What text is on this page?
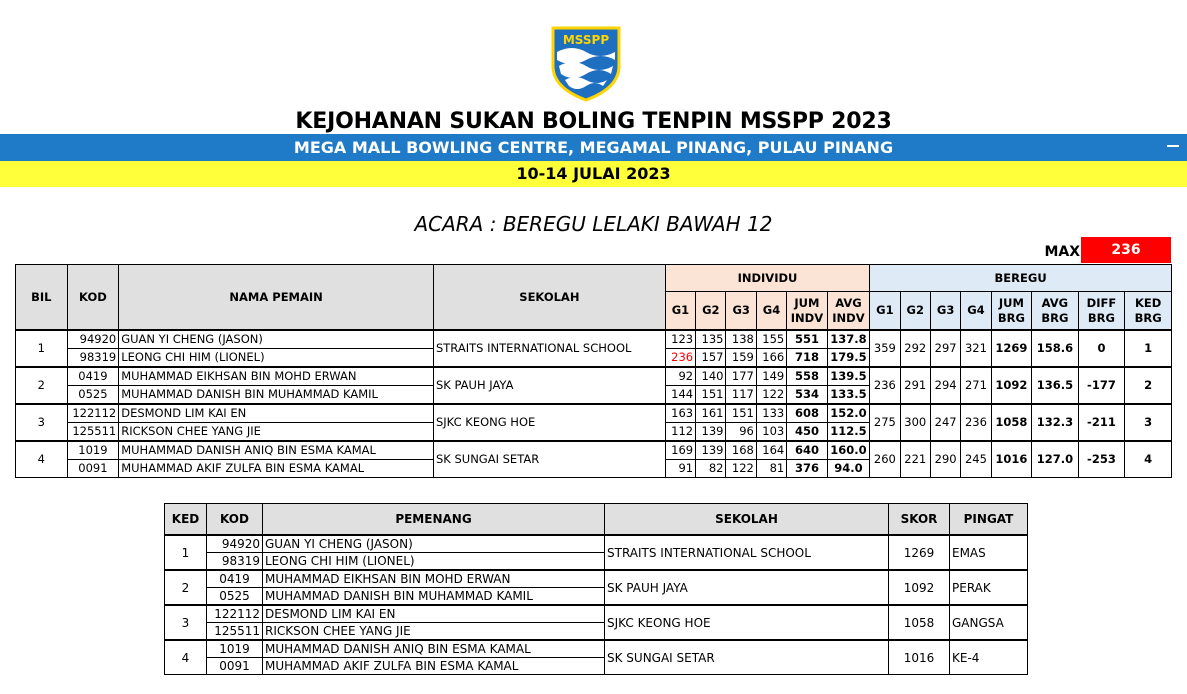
MSSPP
KEJOHANAN SUKAN BOLING TENPIN MSSPP 2023
MEGA MALL BOWLING CENTRE, MEGAMAL PINANG, PULAU PINANG
10-14 JULAI 2023
ACARA : BEREGU LELAKI BAWAH 12
MAX	236
BIL	KOD	NAMA PEMAIN	SEKOLAH	INDIVIDU						BEREGU							
				G1	G2	G3	G4	JUM INDV	AVG INDV	G1	G2	G3	G4	JUM BRG	AVG BRG	DIFF BRG	KED BRG
1	94920	GUAN YI CHENG (JASON)	STRAITS INTERNATIONAL SCHOOL	123	135	138	155	551	137.8	359	292	297	321	1269	158.6	0	1
	98319	LEONG CHI HIM (LIONEL)		236	157	159	166	718	179.5								
2	0419	MUHAMMAD EIKHSAN BIN MOHD ERWAN	SK PAUH JAYA	92	140	177	149	558	139.5	236	291	294	271	1092	136.5	-177	2
	0525	MUHAMMAD DANISH BIN MUHAMMAD KAMIL		144	151	117	122	534	133.5								
3	122112	DESMOND LIM KAI EN	SJKC KEONG HOE	163	161	151	133	608	152.0	275	300	247	236	1058	132.3	-211	3
	125511	RICKSON CHEE YANG JIE		112	139	96	103	450	112.5								
4	1019	MUHAMMAD DANISH ANIQ BIN ESMA KAMAL	SK SUNGAI SETAR	169	139	168	164	640	160.0	260	221	290	245	1016	127.0	-253	4
	0091	MUHAMMAD AKIF ZULFA BIN ESMA KAMAL		91	82	122	81	376	94.0								
KED	KOD	PEMENANG	SEKOLAH	SKOR	PINGAT
1	94920	GUAN YI CHENG (JASON)	STRAITS INTERNATIONAL SCHOOL	1269	EMAS
	98319	LEONG CHI HIM (LIONEL)			
2	0419	MUHAMMAD EIKHSAN BIN MOHD ERWAN	SK PAUH JAYA	1092	PERAK
	0525	MUHAMMAD DANISH BIN MUHAMMAD KAMIL			
3	122112	DESMOND LIM KAI EN	SJKC KEONG HOE	1058	GANGSA
	125511	RICKSON CHEE YANG JIE			
4	1019	MUHAMMAD DANISH ANIQ BIN ESMA KAMAL	SK SUNGAI SETAR	1016	KE-4
	0091	MUHAMMAD AKIF ZULFA BIN ESMA KAMAL			
